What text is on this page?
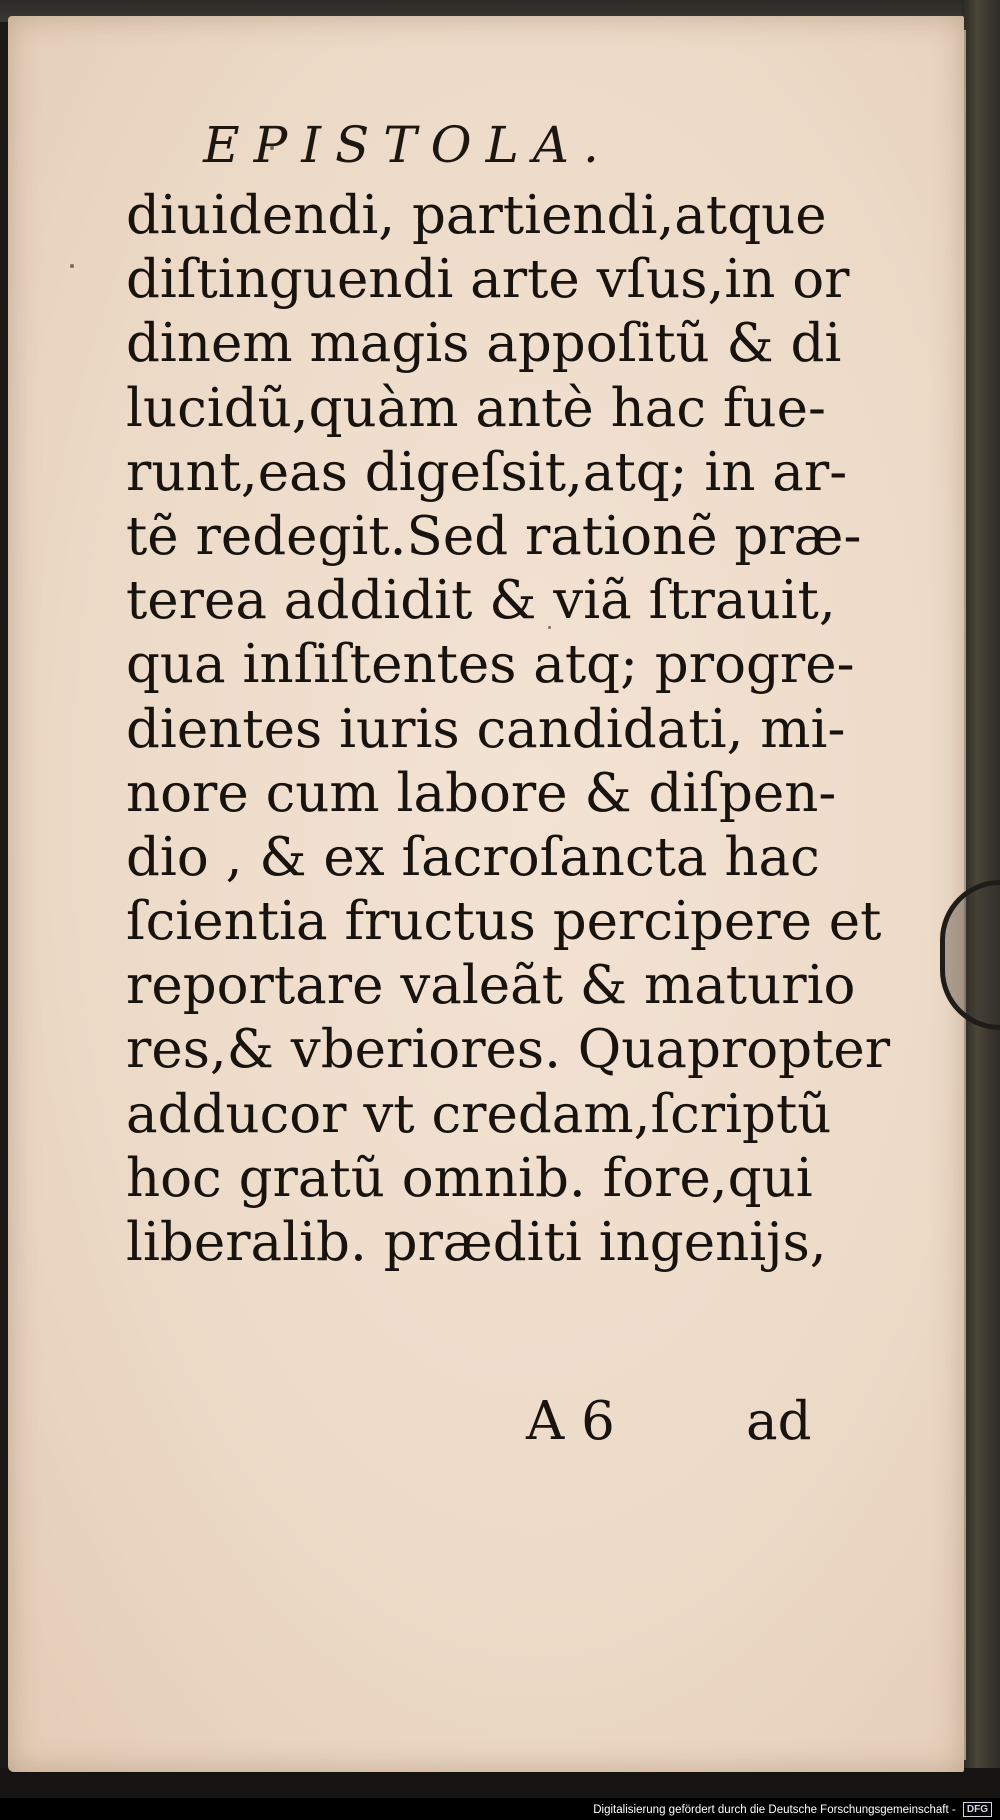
EPISTOLA.
diuidendi, partiendi,atque
diſtinguendi arte vſus,in or
dinem magis appoſitũ & di
lucidũ,quàm antè hac fue-
runt,eas digeſsit,atq; in ar-
tẽ redegit.Sed rationẽ præ-
terea addidit & viã ſtrauit,
qua inſiſtentes atq; progre-
dientes iuris candidati, mi-
nore cum labore & diſpen-
dio , & ex ſacroſancta hac
ſcientia fructus percipere et
reportare valeãt & maturio
res,& vberiores. Quapropter
adducor vt credam,ſcriptũ
hoc gratũ omnib. fore,qui
liberalib. præditi ingenijs,
A 6 ad
Digitalisierung gefördert durch die Deutsche Forschungsgemeinschaft - DFG
